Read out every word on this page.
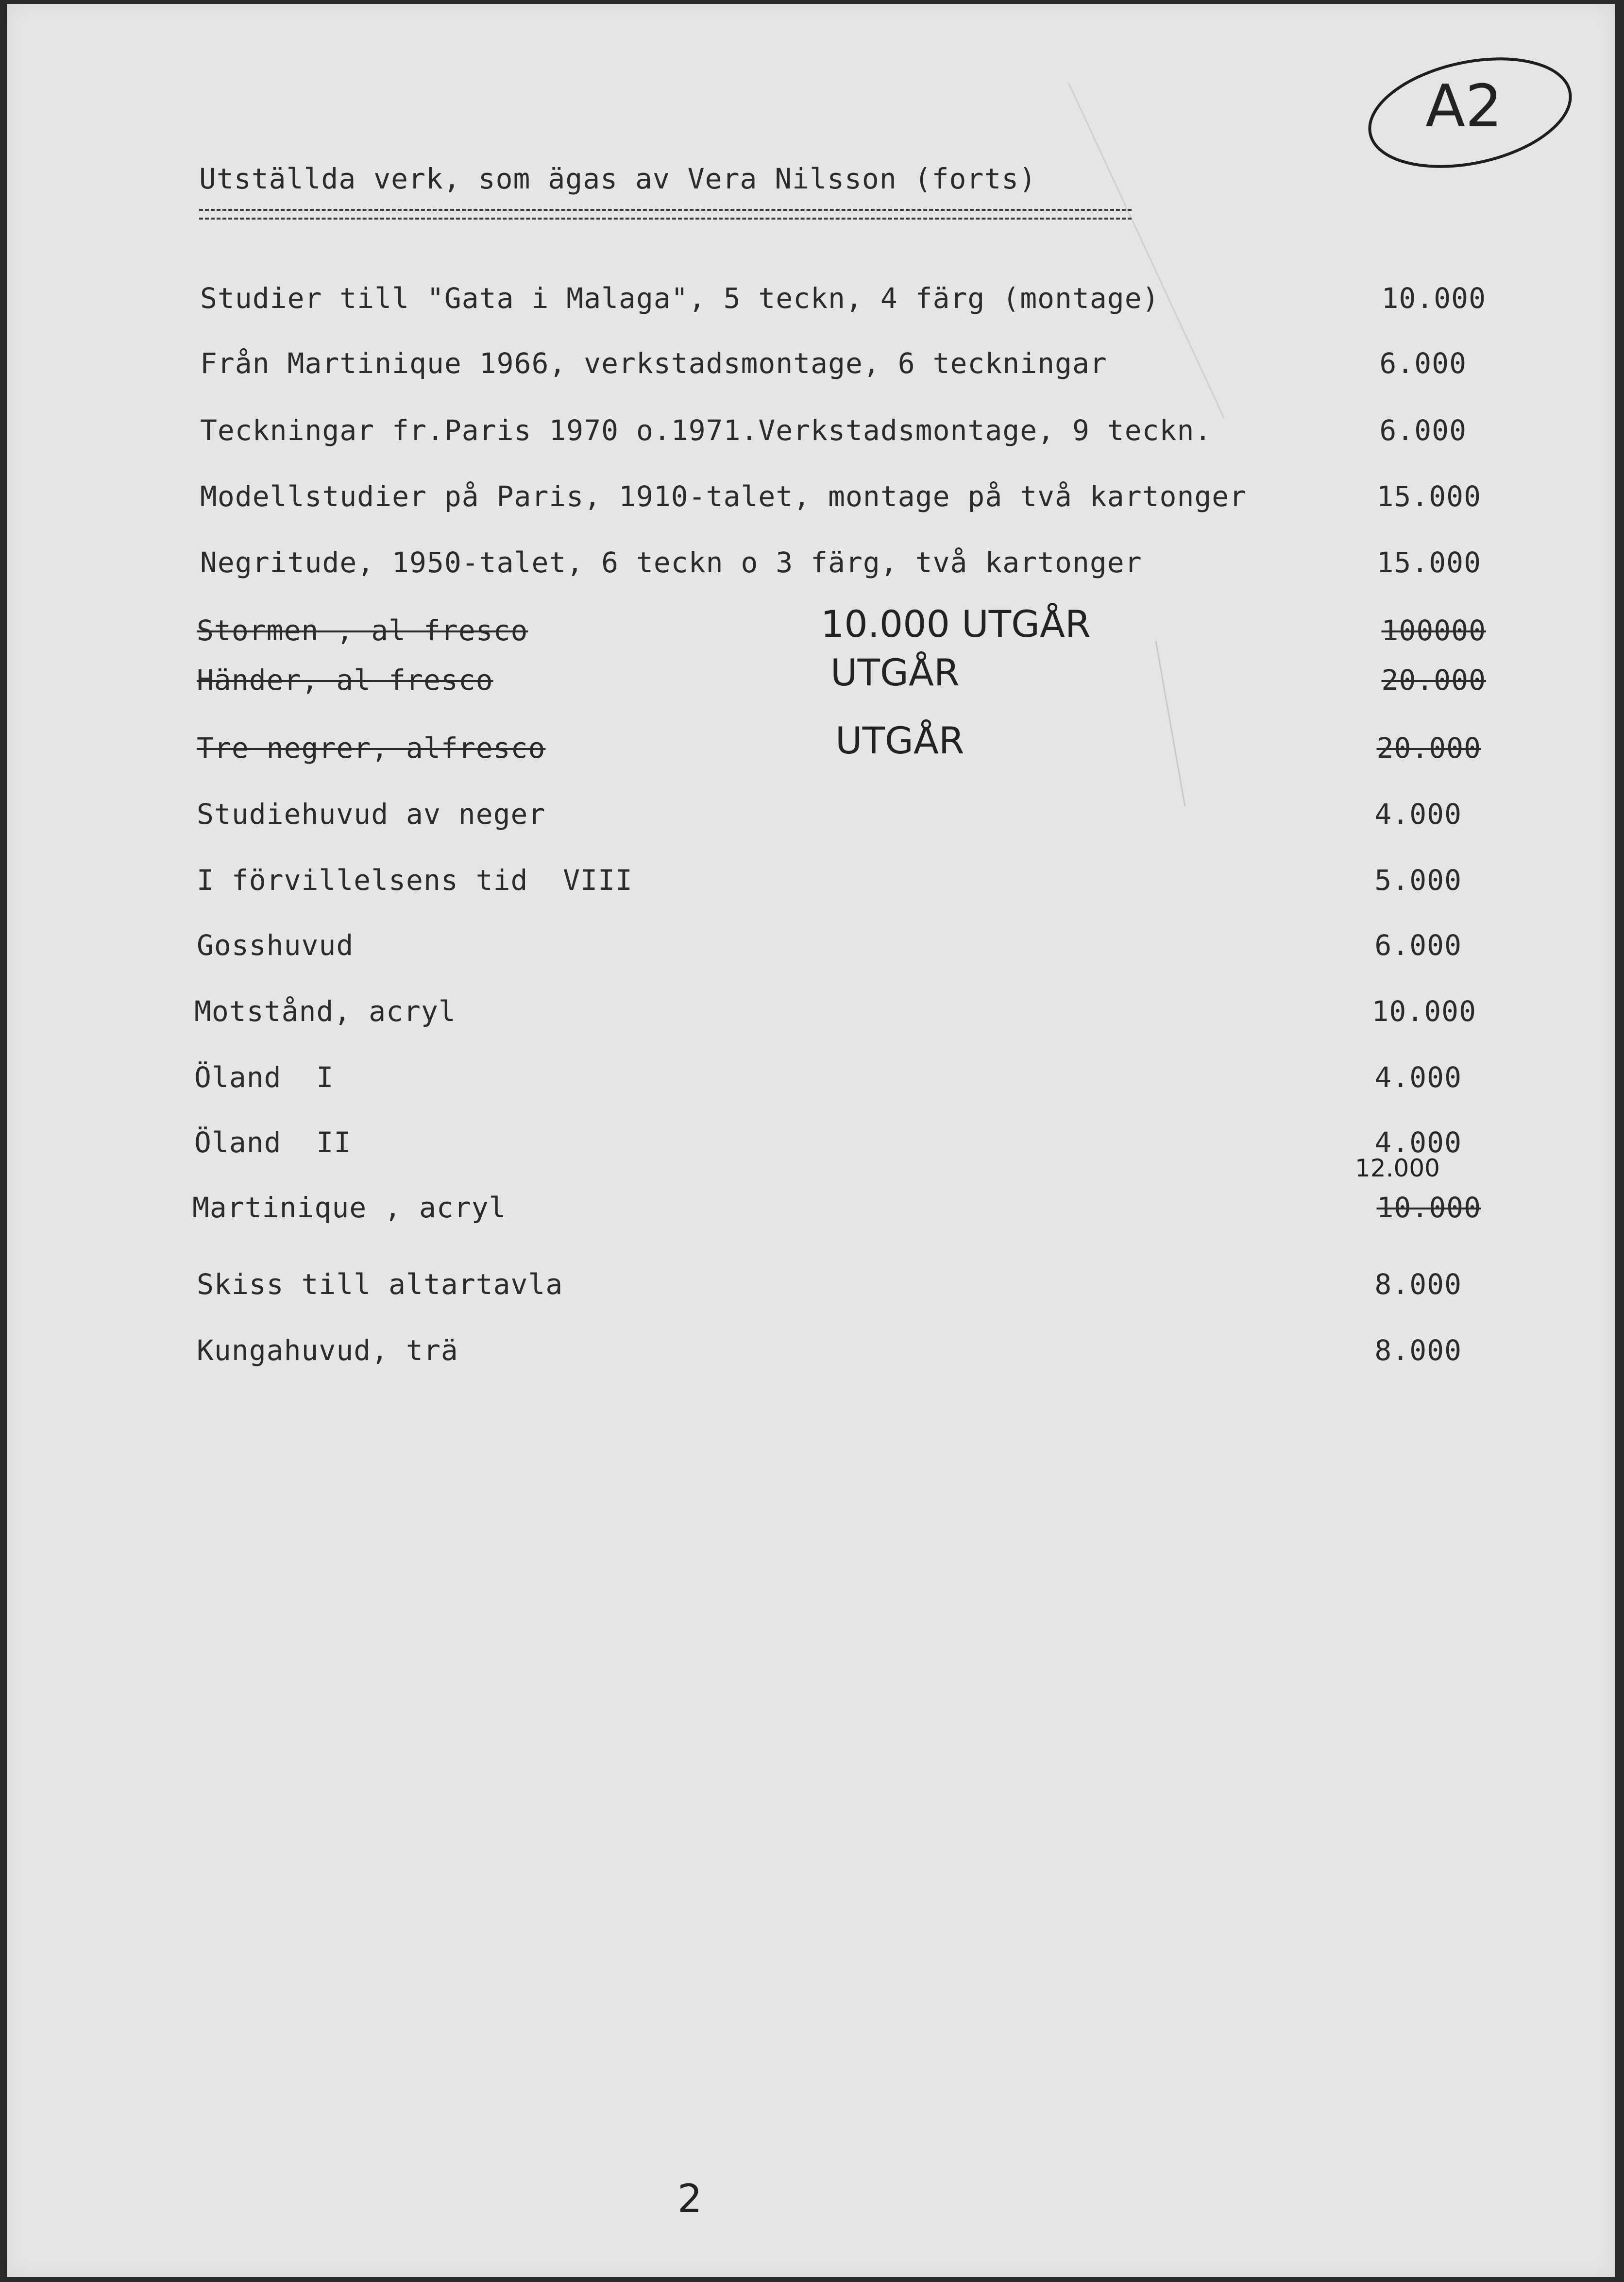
A2
Utställda verk, som ägas av Vera Nilsson (forts)
Studier till "Gata i Malaga", 5 teckn, 4 färg (montage)	10.000
Från Martinique 1966, verkstadsmontage, 6 teckningar	6.000
Teckningar fr.Paris 1970 o.1971.Verkstadsmontage, 9 teckn.	6.000
Modellstudier på Paris, 1910-talet, montage på två kartonger	15.000
Negritude, 1950-talet, 6 teckn o 3 färg, två kartonger	15.000
Stormen , al fresco	10.000 UTGÅR	100000
Händer, al fresco	UTGÅR	20.000
Tre negrer, alfresco	UTGÅR	20.000
Studiehuvud av neger	4.000
I förvillelsens tid  VIII	5.000
Gosshuvud	6.000
Motstånd, acryl	10.000
Öland  I	4.000
Öland  II	4.000
12.000
Martinique , acryl	10.000
Skiss till altartavla	8.000
Kungahuvud, trä	8.000
2
